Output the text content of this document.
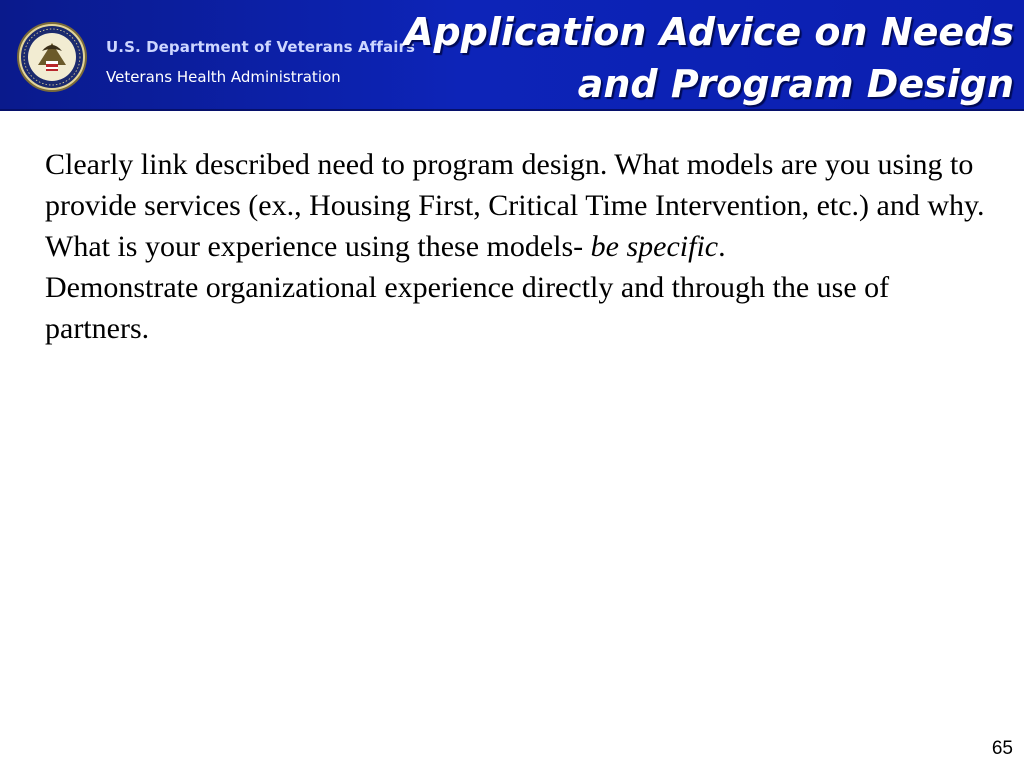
U.S. Department of Veterans Affairs
Veterans Health Administration
Application Advice on Needs
and Program Design

Clearly link described need to program design. What models are you using to provide services (ex., Housing First, Critical Time Intervention, etc.) and why.

What is your experience using these models- be specific.

Demonstrate organizational experience directly and through the use of partners.

65
